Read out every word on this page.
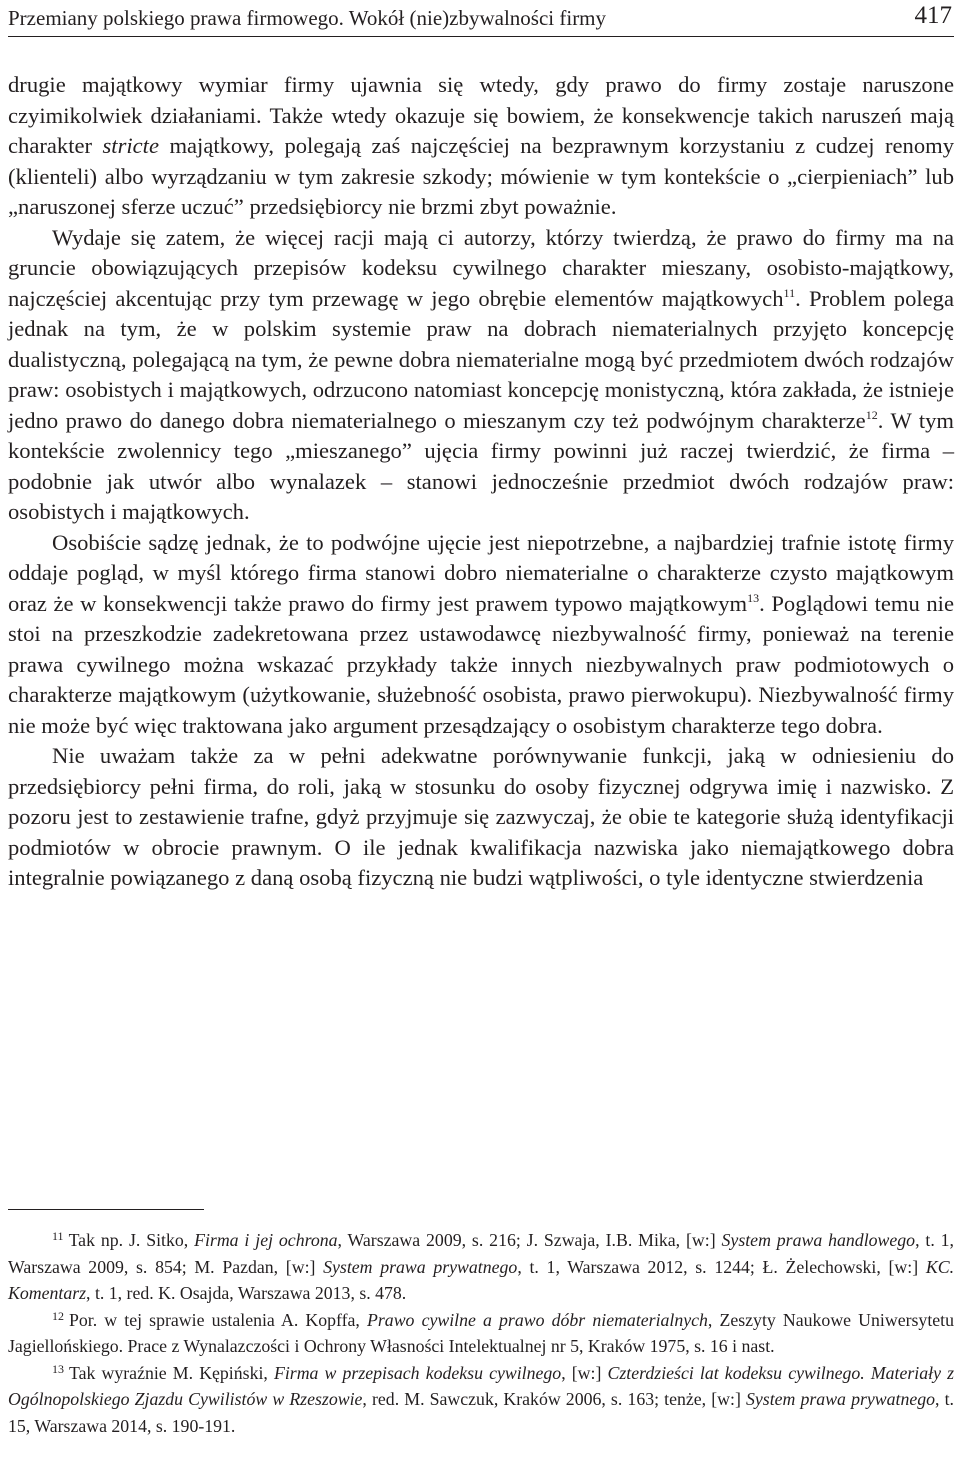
Przemiany polskiego prawa firmowego. Wokół (nie)zbywalności firmy	417

drugie majątkowy wymiar firmy ujawnia się wtedy, gdy prawo do firmy zostaje naruszone czyimikolwiek działaniami. Także wtedy okazuje się bowiem, że konsekwencje takich naruszeń mają charakter stricte majątkowy, polegają zaś najczęściej na bezprawnym korzystaniu z cudzej renomy (klienteli) albo wyrządzaniu w tym zakresie szkody; mówienie w tym kontekście o „cierpieniach” lub „naruszonej sferze uczuć” przedsiębiorcy nie brzmi zbyt poważnie.

Wydaje się zatem, że więcej racji mają ci autorzy, którzy twierdzą, że prawo do firmy ma na gruncie obowiązujących przepisów kodeksu cywilnego charakter mieszany, osobisto-majątkowy, najczęściej akcentując przy tym przewagę w jego obrębie elementów majątkowych$^{11}$. Problem polega jednak na tym, że w polskim systemie praw na dobrach niematerialnych przyjęto koncepcję dualistyczną, polegającą na tym, że pewne dobra niematerialne mogą być przedmiotem dwóch rodzajów praw: osobistych i majątkowych, odrzucono natomiast koncepcję monistyczną, która zakłada, że istnieje jedno prawo do danego dobra niematerialnego o mieszanym czy też podwójnym charakterze$^{12}$. W tym kontekście zwolennicy tego „mieszanego” ujęcia firmy powinni już raczej twierdzić, że firma – podobnie jak utwór albo wynalazek – stanowi jednocześnie przedmiot dwóch rodzajów praw: osobistych i majątkowych.

Osobiście sądzę jednak, że to podwójne ujęcie jest niepotrzebne, a najbardziej trafnie istotę firmy oddaje pogląd, w myśl którego firma stanowi dobro niematerialne o charakterze czysto majątkowym oraz że w konsekwencji także prawo do firmy jest prawem typowo majątkowym$^{13}$. Poglądowi temu nie stoi na przeszkodzie zadekretowana przez ustawodawcę niezbywalność firmy, ponieważ na terenie prawa cywilnego można wskazać przykłady także innych niezbywalnych praw podmiotowych o charakterze majątkowym (użytkowanie, służebność osobista, prawo pierwokupu). Niezbywalność firmy nie może być więc traktowana jako argument przesądzający o osobistym charakterze tego dobra.

Nie uważam także za w pełni adekwatne porównywanie funkcji, jaką w odniesieniu do przedsiębiorcy pełni firma, do roli, jaką w stosunku do osoby fizycznej odgrywa imię i nazwisko. Z pozoru jest to zestawienie trafne, gdyż przyjmuje się zazwyczaj, że obie te kategorie służą identyfikacji podmiotów w obrocie prawnym. O ile jednak kwalifikacja nazwiska jako niemajątkowego dobra integralnie powiązanego z daną osobą fizyczną nie budzi wątpliwości, o tyle identyczne stwierdzenia

$^{11}$ Tak np. J. Sitko, Firma i jej ochrona, Warszawa 2009, s. 216; J. Szwaja, I.B. Mika, [w:] System prawa handlowego, t. 1, Warszawa 2009, s. 854; M. Pazdan, [w:] System prawa prywatnego, t. 1, Warszawa 2012, s. 1244; Ł. Żelechowski, [w:] KC. Komentarz, t. 1, red. K. Osajda, Warszawa 2013, s. 478.

$^{12}$ Por. w tej sprawie ustalenia A. Kopffa, Prawo cywilne a prawo dóbr niematerialnych, Zeszyty Naukowe Uniwersytetu Jagiellońskiego. Prace z Wynalazczości i Ochrony Własności Intelektualnej nr 5, Kraków 1975, s. 16 i nast.

$^{13}$ Tak wyraźnie M. Kępiński, Firma w przepisach kodeksu cywilnego, [w:] Czterdzieści lat kodeksu cywilnego. Materiały z Ogólnopolskiego Zjazdu Cywilistów w Rzeszowie, red. M. Sawczuk, Kraków 2006, s. 163; tenże, [w:] System prawa prywatnego, t. 15, Warszawa 2014, s. 190-191.
